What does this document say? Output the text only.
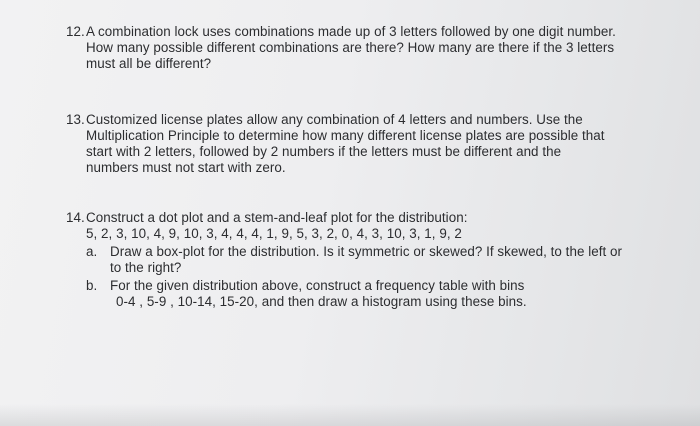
12. A combination lock uses combinations made up of 3 letters followed by one digit number.
How many possible different combinations are there? How many are there if the 3 letters
must all be different?
13. Customized license plates allow any combination of 4 letters and numbers. Use the
Multiplication Principle to determine how many different license plates are possible that
start with 2 letters, followed by 2 numbers if the letters must be different and the
numbers must not start with zero.
14. Construct a dot plot and a stem-and-leaf plot for the distribution:
5, 2, 3, 10, 4, 9, 10, 3, 4, 4, 4, 1, 9, 5, 3, 2, 0, 4, 3, 10, 3, 1, 9, 2
a. Draw a box-plot for the distribution. Is it symmetric or skewed? If skewed, to the left or
to the right?
b. For the given distribution above, construct a frequency table with bins
0-4 , 5-9 , 10-14, 15-20, and then draw a histogram using these bins.
